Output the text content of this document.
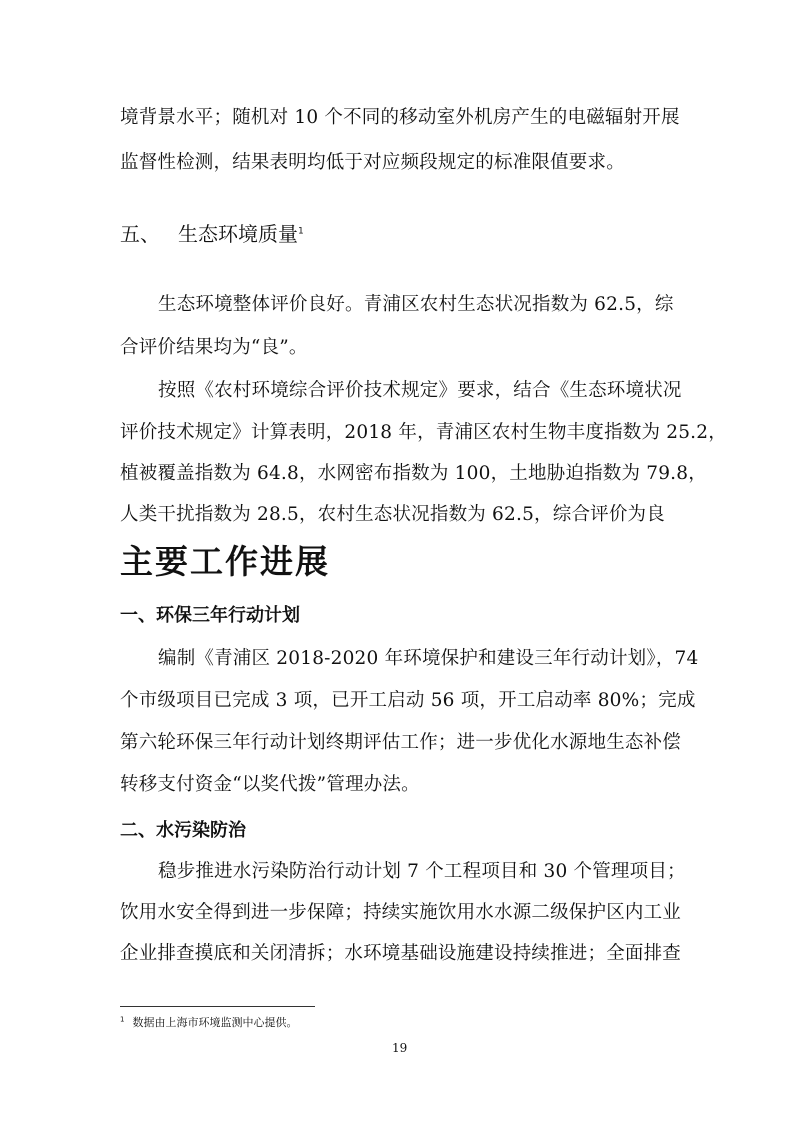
境背景水平；随机对 10 个不同的移动室外机房产生的电磁辐射开展
监督性检测，结果表明均低于对应频段规定的标准限值要求。
五、 生态环境质量$^1$
生态环境整体评价良好。青浦区农村生态状况指数为 62.5，综
合评价结果均为“良”。
按照《农村环境综合评价技术规定》要求，结合《生态环境状况
评价技术规定》计算表明，2018 年，青浦区农村生物丰度指数为 25.2，
植被覆盖指数为 64.8，水网密布指数为 100，土地胁迫指数为 79.8，
人类干扰指数为 28.5，农村生态状况指数为 62.5，综合评价为良
主要工作进展
一、环保三年行动计划
编制《青浦区 2018-2020 年环境保护和建设三年行动计划》，74
个市级项目已完成 3 项，已开工启动 56 项，开工启动率 80%；完成
第六轮环保三年行动计划终期评估工作；进一步优化水源地生态补偿
转移支付资金“以奖代拨”管理办法。
二、水污染防治
稳步推进水污染防治行动计划 7 个工程项目和 30 个管理项目；
饮用水安全得到进一步保障；持续实施饮用水水源二级保护区内工业
企业排查摸底和关闭清拆；水环境基础设施建设持续推进；全面排查
$^1$ 数据由上海市环境监测中心提供。
19
